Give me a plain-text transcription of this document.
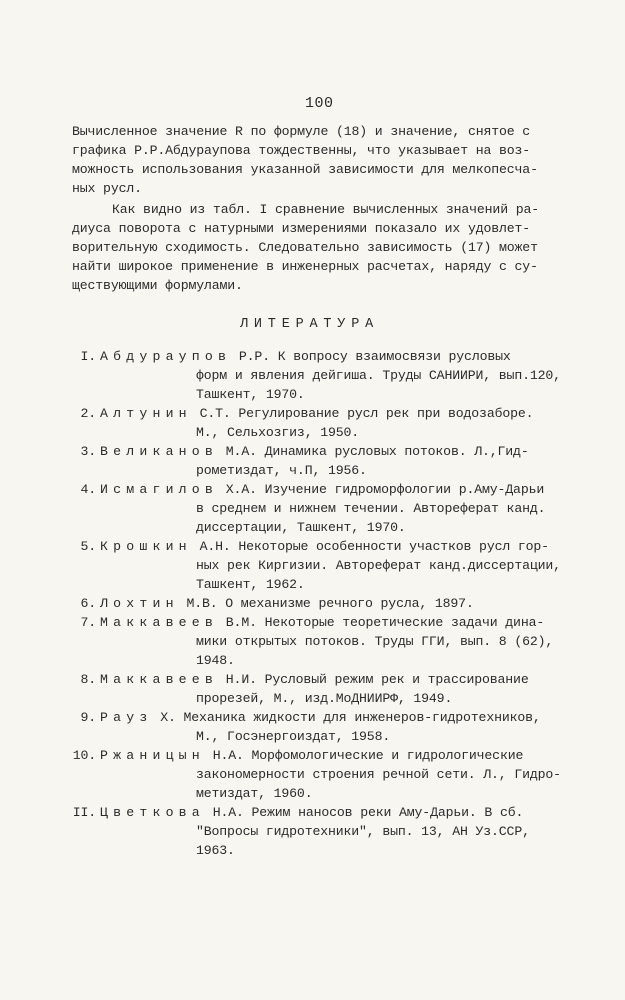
100
Вычисленное значение R по формуле (18) и значение, снятое с
графика Р.Р.Абдураупова тождественны, что указывает на воз-
можность использования указанной зависимости для мелкопесча-
ных русл.
Как видно из табл. I сравнение вычисленных значений ра-
диуса поворота с натурными измерениями показало их удовлет-
ворительную сходимость. Следовательно зависимость (17) может
найти широкое применение в инженерных расчетах, наряду с су-
ществующими формулами.
ЛИТЕРАТУРА
I. Абдураупов Р.Р. К вопросу взаимосвязи русловых
форм и явления дейгиша. Труды САНИИРИ, вып.120,
Ташкент, 1970.
2. Алтунин С.Т. Регулирование русл рек при водозаборе.
М., Сельхозгиз, 1950.
3. Великанов М.А. Динамика русловых потоков. Л.,Гид-
рометиздат, ч.П, 1956.
4. Исмагилов Х.А. Изучение гидроморфологии р.Аму-Дарьи
в среднем и нижнем течении. Автореферат канд.
диссертации, Ташкент, 1970.
5. Крошкин А.Н. Некоторые особенности участков русл гор-
ных рек Киргизии. Автореферат канд.диссертации,
Ташкент, 1962.
6. Лохтин М.В. О механизме речного русла, 1897.
7. Маккавеев В.М. Некоторые теоретические задачи дина-
мики открытых потоков. Труды ГГИ, вып. 8 (62),
1948.
8. Маккавеев Н.И. Русловый режим рек и трассирование
прорезей, М., изд.МоДНИИРФ, 1949.
9. Рауз Х. Механика жидкости для инженеров-гидротехников,
М., Госэнергоиздат, 1958.
10. Ржаницын Н.А. Морфомологические и гидрологические
закономерности строения речной сети. Л., Гидро-
метиздат, 1960.
II. Цветкова Н.А. Режим наносов реки Аму-Дарьи. В сб.
"Вопросы гидротехники", вып. 13, АН Уз.ССР,
1963.
